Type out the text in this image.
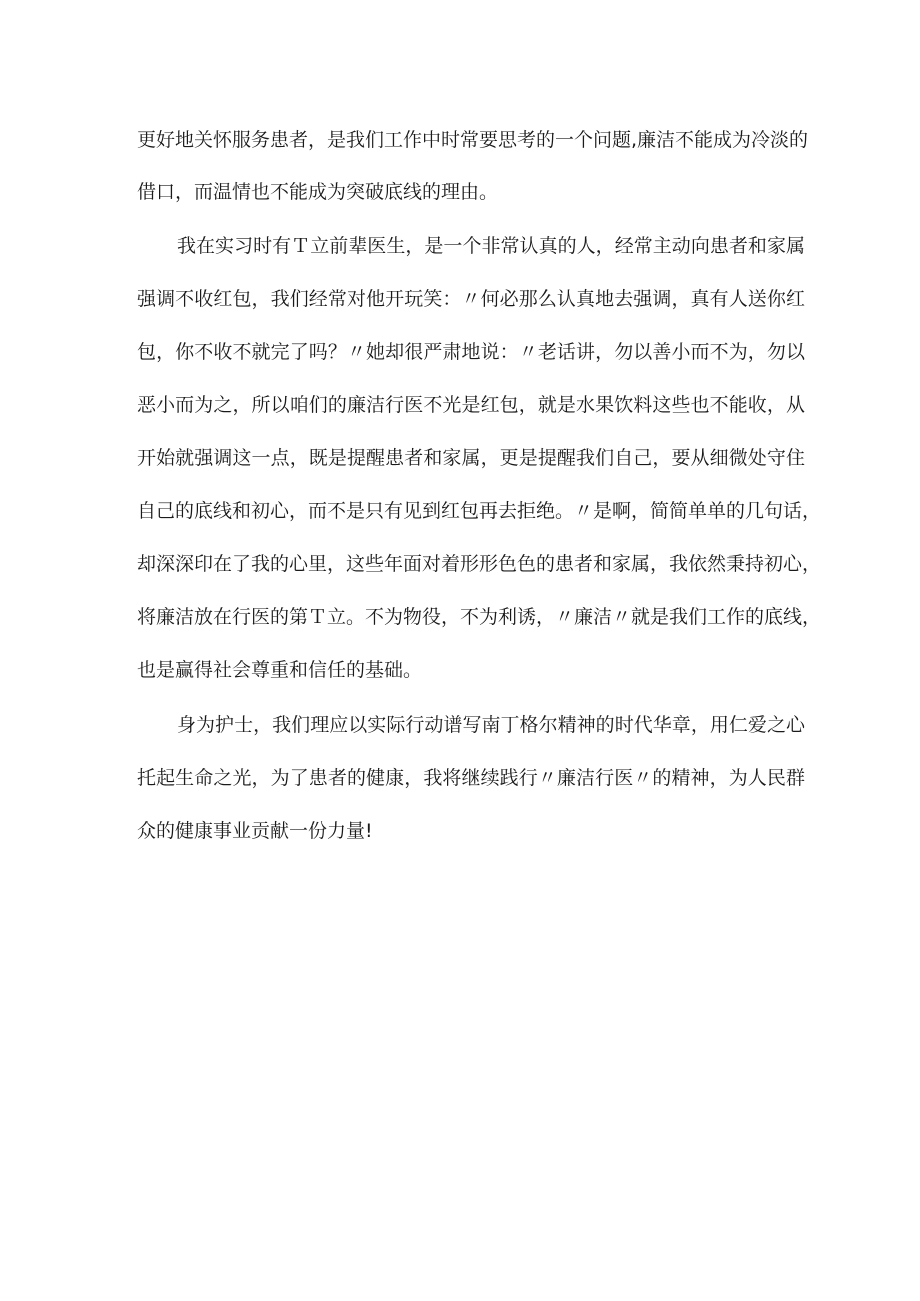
更好地关怀服务患者，是我们工作中时常要思考的一个问题,廉洁不能成为冷淡的
借口，而温情也不能成为突破底线的理由。
我在实习时有Ｔ立前辈医生，是一个非常认真的人，经常主动向患者和家属
强调不收红包，我们经常对他开玩笑：〃何必那么认真地去强调，真有人送你红
包，你不收不就完了吗？〃她却很严肃地说：〃老话讲，勿以善小而不为，勿以
恶小而为之，所以咱们的廉洁行医不光是红包，就是水果饮料这些也不能收，从
开始就强调这一点，既是提醒患者和家属，更是提醒我们自己，要从细微处守住
自己的底线和初心，而不是只有见到红包再去拒绝。〃是啊，简简单单的几句话，
却深深印在了我的心里，这些年面对着形形色色的患者和家属，我依然秉持初心，
将廉洁放在行医的第Ｔ立。不为物役，不为利诱，〃廉洁〃就是我们工作的底线，
也是赢得社会尊重和信任的基础。
身为护士，我们理应以实际行动谱写南丁格尔精神的时代华章，用仁爱之心
托起生命之光，为了患者的健康，我将继续践行〃廉洁行医〃的精神，为人民群
众的健康事业贡献一份力量!
